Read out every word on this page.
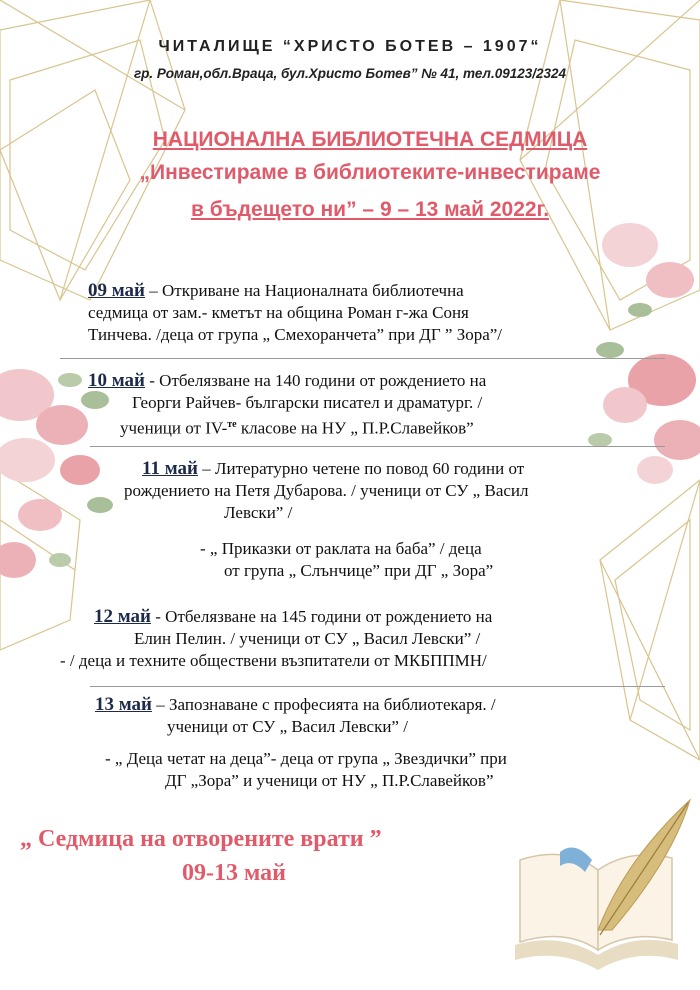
ЧИТАЛИЩЕ “ХРИСТО БОТЕВ – 1907“
гр. Роман,обл.Враца, бул.Христо Ботев” № 41, тел.09123/2324
НАЦИОНАЛНА БИБЛИОТЕЧНА СЕДМИЦА
„Инвестираме в библиотеките-инвестираме
в бъдещето ни” – 9 – 13 май 2022г.
09 май – Откриване на Националната библиотечна
седмица от зам.- кметът на община Роман г-жа Соня
Тинчева. /деца от група „ Смехоранчета” при ДГ ” Зора”/
10 май - Отбелязване на 140 години от рождението на
Георги Райчев- български писател и драматург. /
ученици от IV-$^{те}$ класове на НУ „ П.Р.Славейков”
11 май – Литературно четене по повод 60 години от
рождението на Петя Дубарова. / ученици от СУ „ Васил
Левски” /
- „ Приказки от раклата на баба” / деца
от група „ Слънчице” при ДГ „ Зора”
12 май - Отбелязване на 145 години от рождението на
Елин Пелин. / ученици от СУ „ Васил Левски” /
- / деца и техните обществени възпитатели от МКБППМН/
13 май – Запознаване с професията на библиотекаря. /
ученици от СУ „ Васил Левски” /
- „ Деца четат на деца”- деца от група „ Звездички” при
ДГ „Зора” и ученици от НУ „ П.Р.Славейков”
„ Седмица на отворените врати ”
09-13 май
